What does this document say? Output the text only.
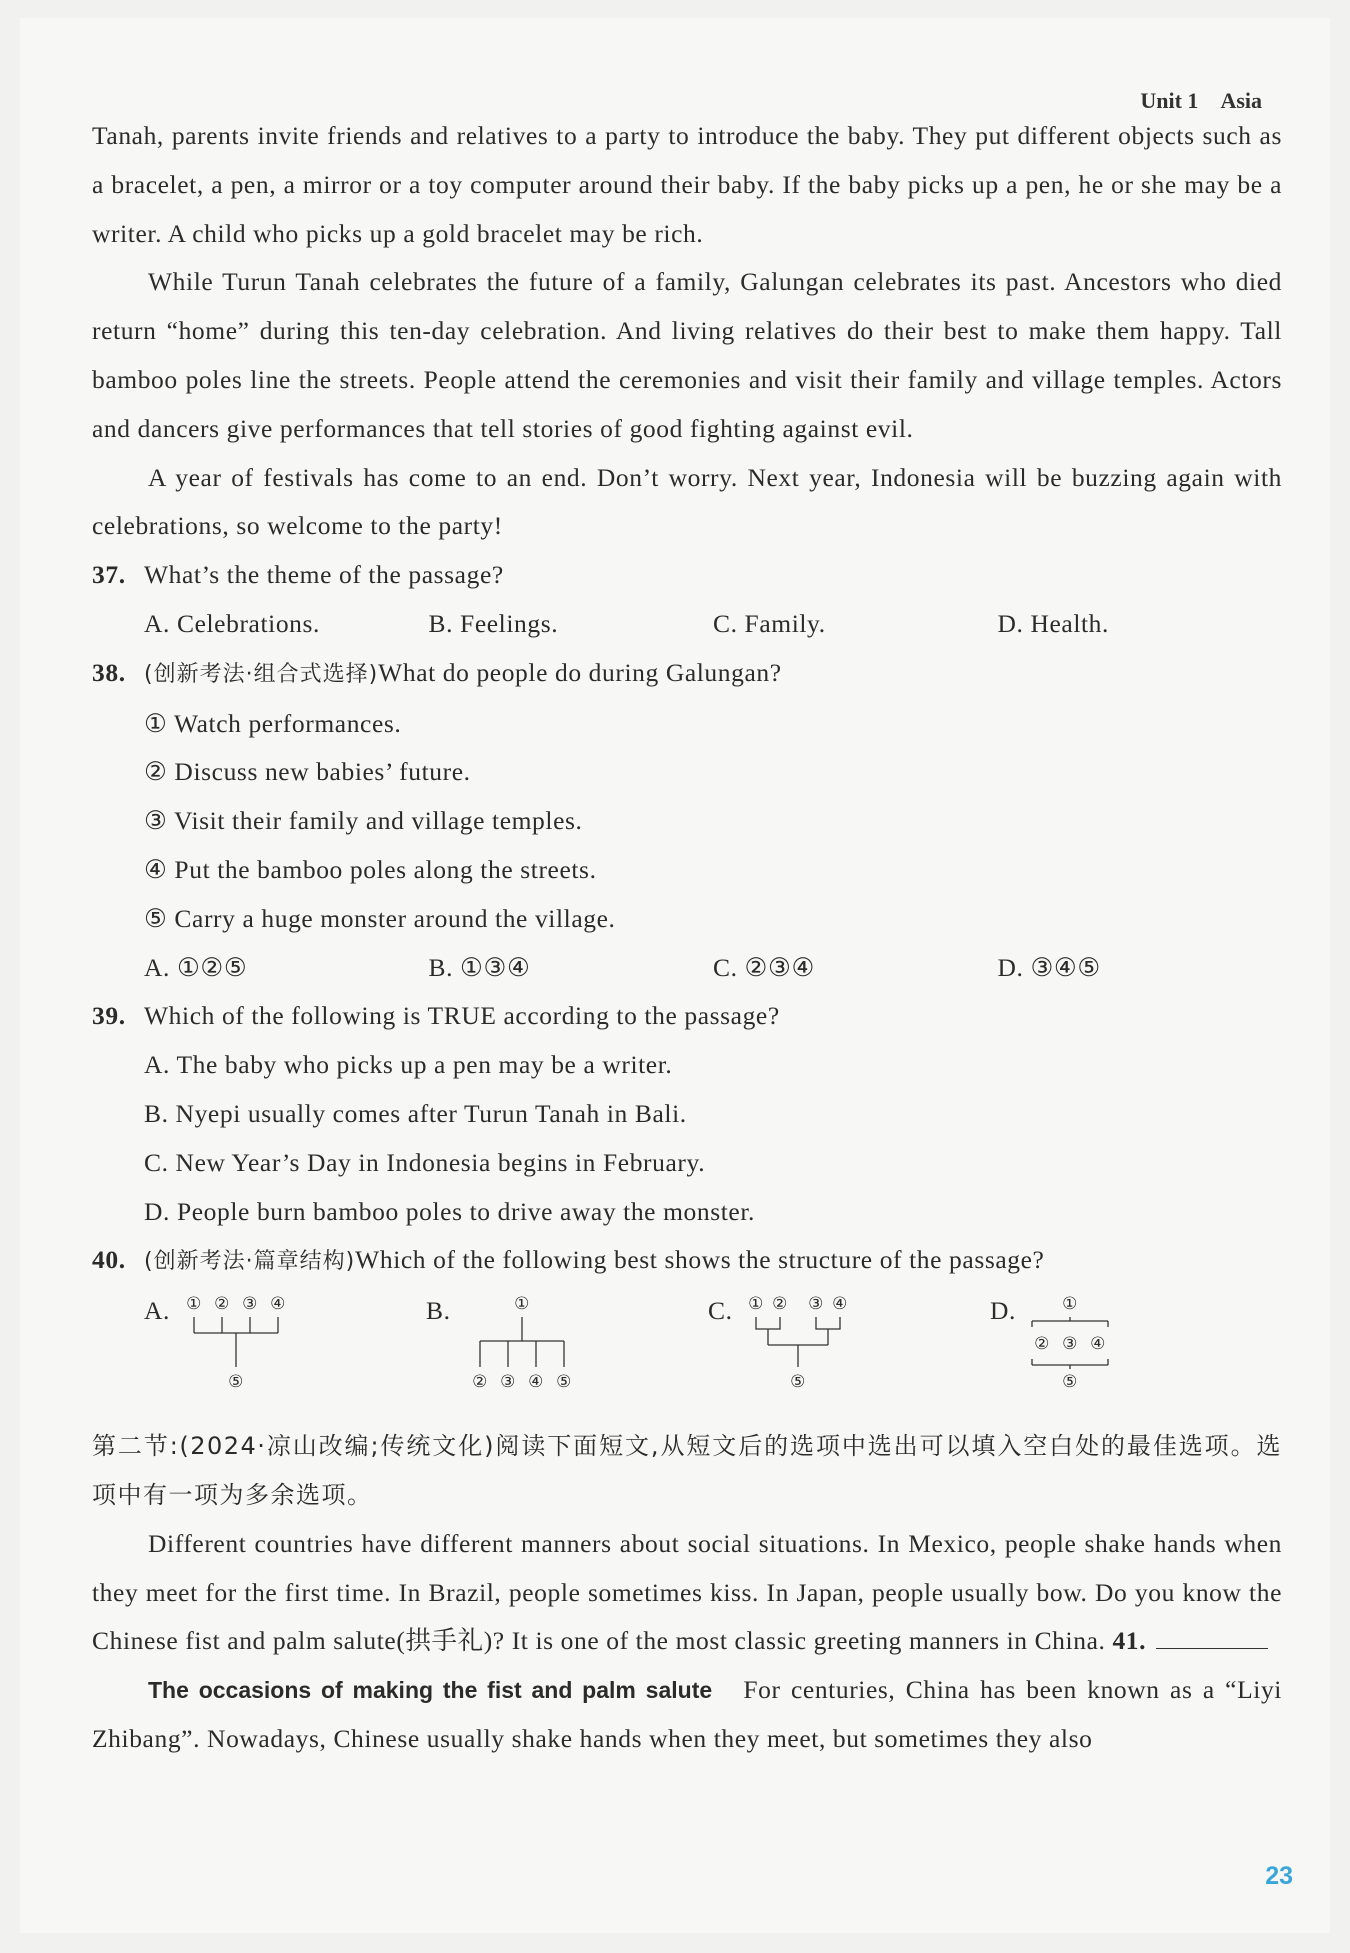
Unit 1 Asia

Tanah, parents invite friends and relatives to a party to introduce the baby. They put different objects such as a bracelet, a pen, a mirror or a toy computer around their baby. If the baby picks up a pen, he or she may be a writer. A child who picks up a gold bracelet may be rich.

While Turun Tanah celebrates the future of a family, Galungan celebrates its past. Ancestors who died return “home” during this ten-day celebration. And living relatives do their best to make them happy. Tall bamboo poles line the streets. People attend the ceremonies and visit their family and village temples. Actors and dancers give performances that tell stories of good fighting against evil.

A year of festivals has come to an end. Don’t worry. Next year, Indonesia will be buzzing again with celebrations, so welcome to the party!

37. What’s the theme of the passage?
A. Celebrations.	B. Feelings.	C. Family.	D. Health.
38. (创新考法·组合式选择)What do people do during Galungan?
① Watch performances.
② Discuss new babies’ future.
③ Visit their family and village temples.
④ Put the bamboo poles along the streets.
⑤ Carry a huge monster around the village.
A. ①②⑤	B. ①③④	C. ②③④	D. ③④⑤
39. Which of the following is TRUE according to the passage?
A. The baby who picks up a pen may be a writer.
B. Nyepi usually comes after Turun Tanah in Bali.
C. New Year’s Day in Indonesia begins in February.
D. People burn bamboo poles to drive away the monster.
40. (创新考法·篇章结构)Which of the following best shows the structure of the passage?
A. ① ② ③ ④
⑤
B.	①
② ③ ④ ⑤
C. ① ② ③ ④
⑤
D.	①
② ③ ④
⑤

第二节:(2024·凉山改编;传统文化)阅读下面短文,从短文后的选项中选出可以填入空白处的最佳选项。选项中有一项为多余选项。

Different countries have different manners about social situations. In Mexico, people shake hands when they meet for the first time. In Brazil, people sometimes kiss. In Japan, people usually bow. Do you know the Chinese fist and palm salute(拱手礼)? It is one of the most classic greeting manners in China. 41.

The occasions of making the fist and palm salute For centuries, China has been known as a “Liyi Zhibang”. Nowadays, Chinese usually shake hands when they meet, but sometimes they also

23
